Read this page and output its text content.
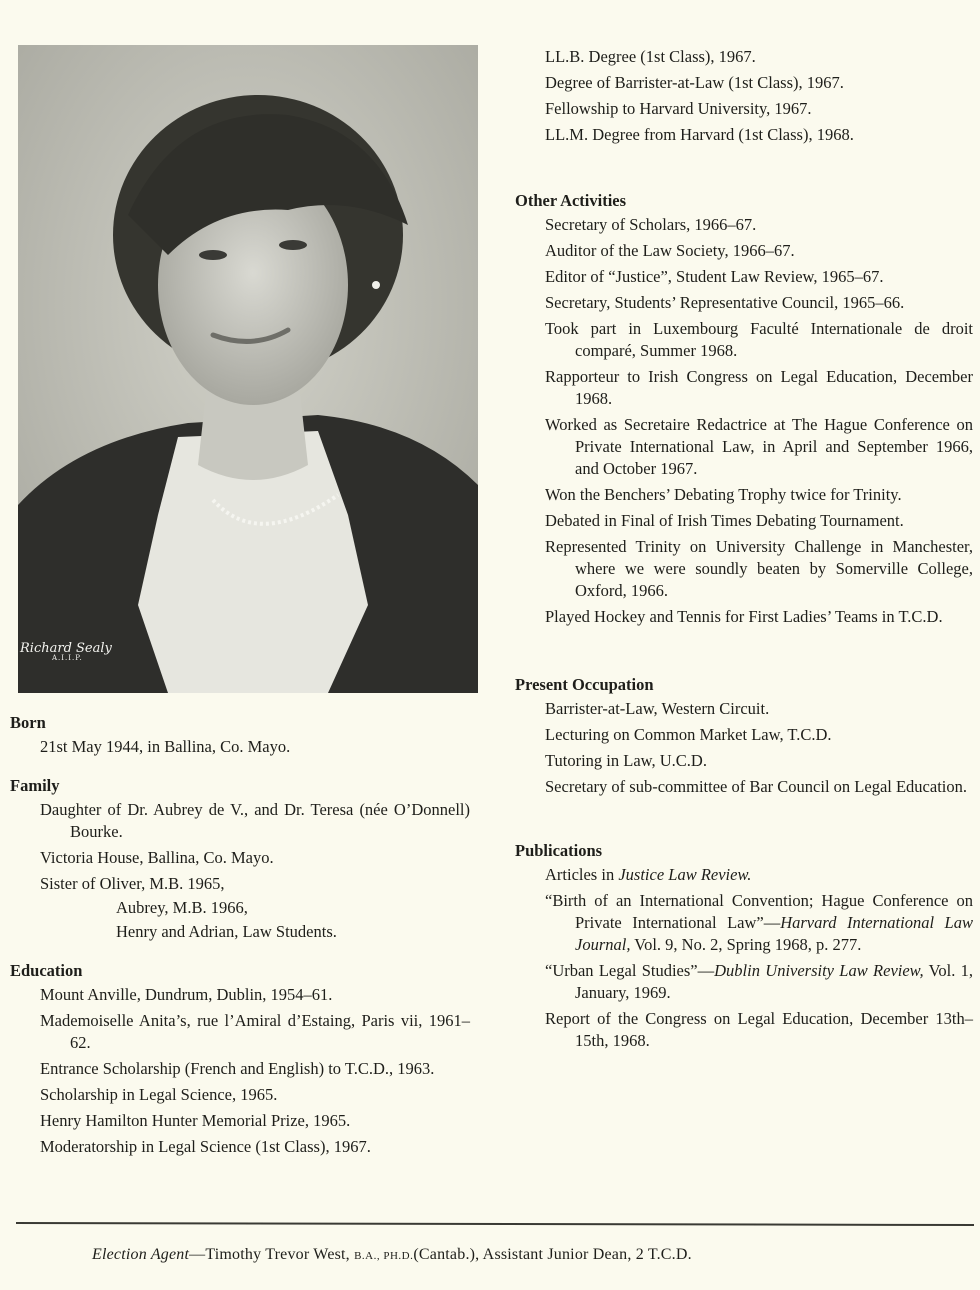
Richard Sealy
A.I.I.P.

Born

21st May 1944, in Ballina, Co. Mayo.

Family

Daughter of Dr. Aubrey de V., and Dr. Teresa (née O’Donnell) Bourke.

Victoria House, Ballina, Co. Mayo.

Sister of Oliver, M.B. 1965,

Aubrey, M.B. 1966,

Henry and Adrian, Law Students.

Education

Mount Anville, Dundrum, Dublin, 1954–61.

Mademoiselle Anita’s, rue l’Amiral d’Estaing, Paris vii, 1961–62.

Entrance Scholarship (French and English) to T.C.D., 1963.

Scholarship in Legal Science, 1965.

Henry Hamilton Hunter Memorial Prize, 1965.

Moderatorship in Legal Science (1st Class), 1967.

LL.B. Degree (1st Class), 1967.

Degree of Barrister-at-Law (1st Class), 1967.

Fellowship to Harvard University, 1967.

LL.M. Degree from Harvard (1st Class), 1968.

Other Activities

Secretary of Scholars, 1966–67.

Auditor of the Law Society, 1966–67.

Editor of “Justice”, Student Law Review, 1965–67.

Secretary, Students’ Representative Council, 1965–66.

Took part in Luxembourg Faculté Internationale de droit comparé, Summer 1968.

Rapporteur to Irish Congress on Legal Education, December 1968.

Worked as Secretaire Redactrice at The Hague Conference on Private International Law, in April and September 1966, and October 1967.

Won the Benchers’ Debating Trophy twice for Trinity.

Debated in Final of Irish Times Debating Tournament.

Represented Trinity on University Challenge in Manchester, where we were soundly beaten by Somerville College, Oxford, 1966.

Played Hockey and Tennis for First Ladies’ Teams in T.C.D.

Present Occupation

Barrister-at-Law, Western Circuit.

Lecturing on Common Market Law, T.C.D.

Tutoring in Law, U.C.D.

Secretary of sub-committee of Bar Council on Legal Education.

Publications

Articles in Justice Law Review.

“Birth of an International Convention; Hague Conference on Private International Law”—Harvard International Law Journal, Vol. 9, No. 2, Spring 1968, p. 277.

“Urban Legal Studies”—Dublin University Law Review, Vol. 1, January, 1969.

Report of the Congress on Legal Education, December 13th–15th, 1968.

Election Agent—Timothy Trevor West, B.A., PH.D.(Cantab.), Assistant Junior Dean, 2 T.C.D.
